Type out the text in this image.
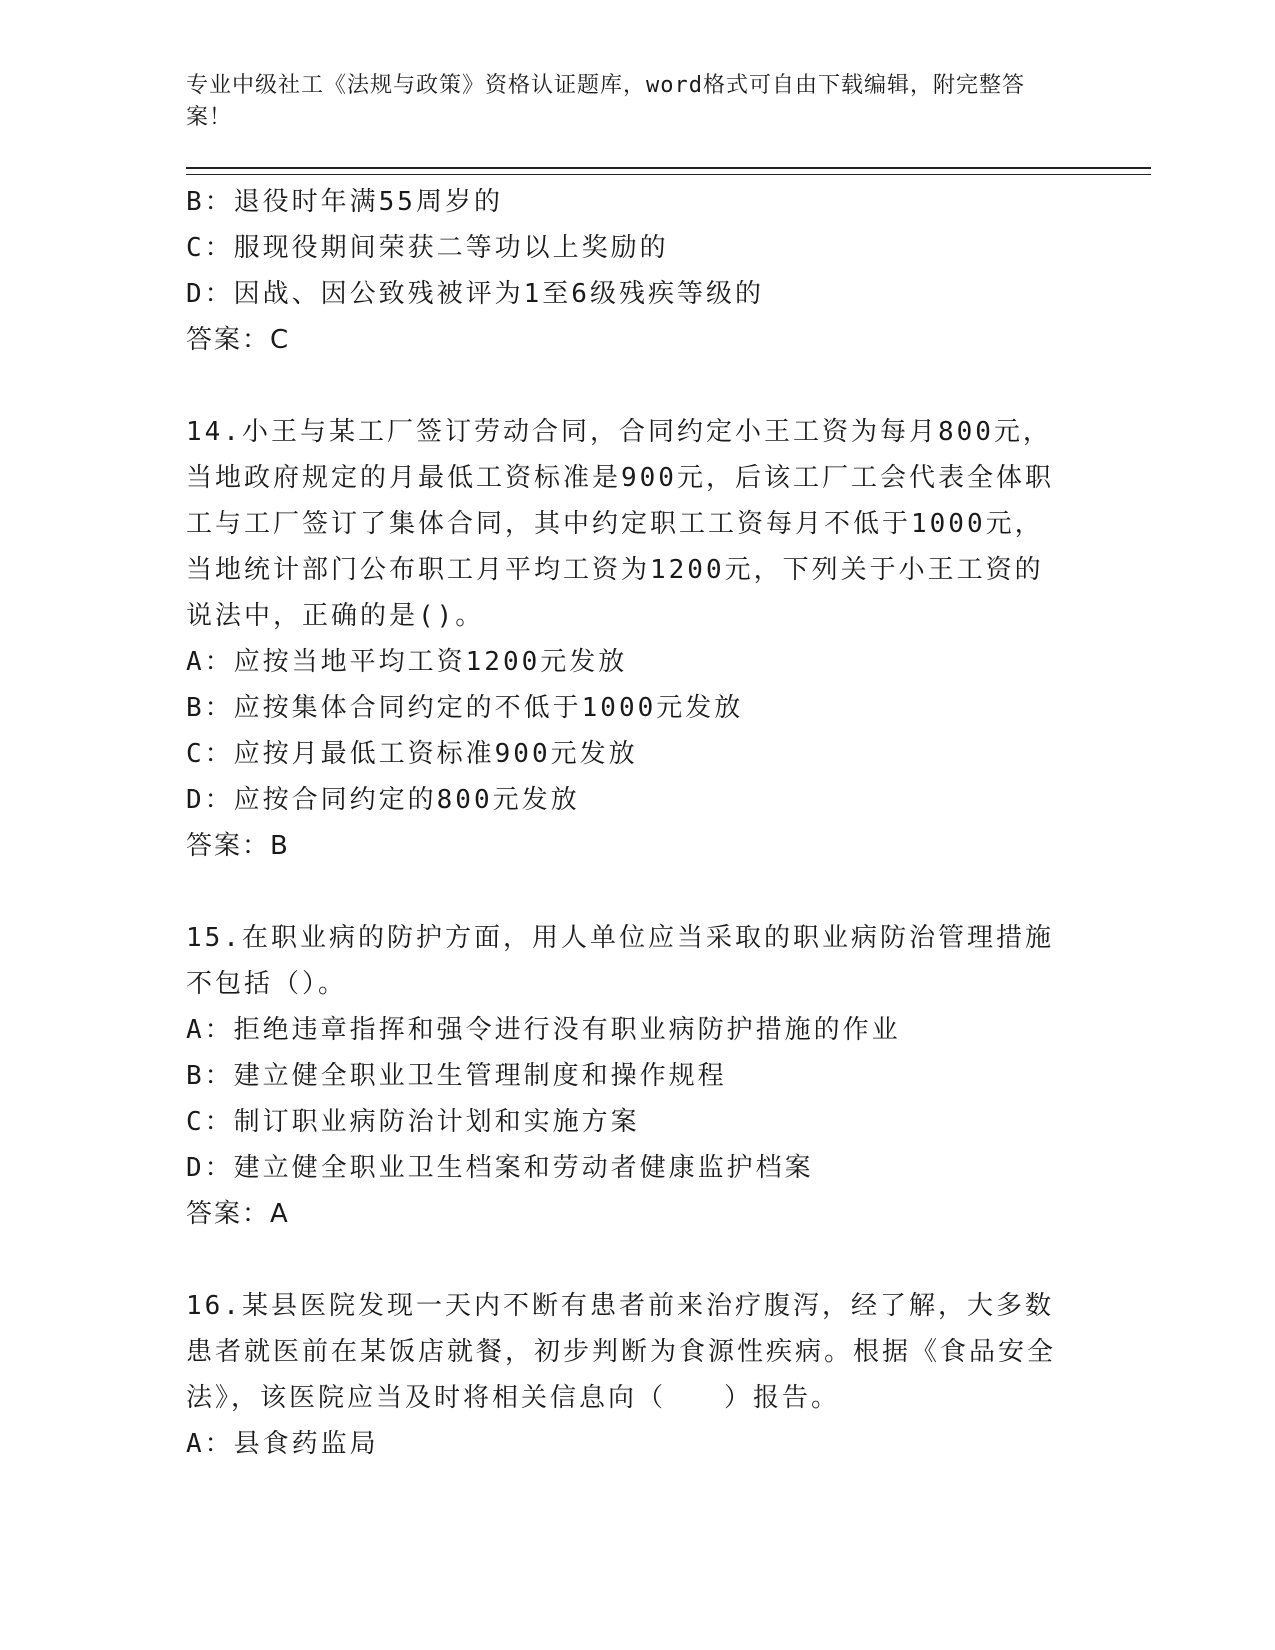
专业中级社工《法规与政策》资格认证题库，word格式可自由下载编辑，附完整答案！

B：退役时年满55周岁的

C：服现役期间荣获二等功以上奖励的

D：因战、因公致残被评为1至6级残疾等级的

答案：C

14.小王与某工厂签订劳动合同，合同约定小王工资为每月800元，当地政府规定的月最低工资标准是900元，后该工厂工会代表全体职工与工厂签订了集体合同，其中约定职工工资每月不低于1000元，当地统计部门公布职工月平均工资为1200元，下列关于小王工资的说法中，正确的是()。

A：应按当地平均工资1200元发放

B：应按集体合同约定的不低于1000元发放

C：应按月最低工资标准900元发放

D：应按合同约定的800元发放

答案：B

15.在职业病的防护方面，用人单位应当采取的职业病防治管理措施不包括（）。

A：拒绝违章指挥和强令进行没有职业病防护措施的作业

B：建立健全职业卫生管理制度和操作规程

C：制订职业病防治计划和实施方案

D：建立健全职业卫生档案和劳动者健康监护档案

答案：A

16.某县医院发现一天内不断有患者前来治疗腹泻，经了解，大多数患者就医前在某饭店就餐，初步判断为食源性疾病。根据《食品安全法》，该医院应当及时将相关信息向（　　）报告。

A：县食药监局
